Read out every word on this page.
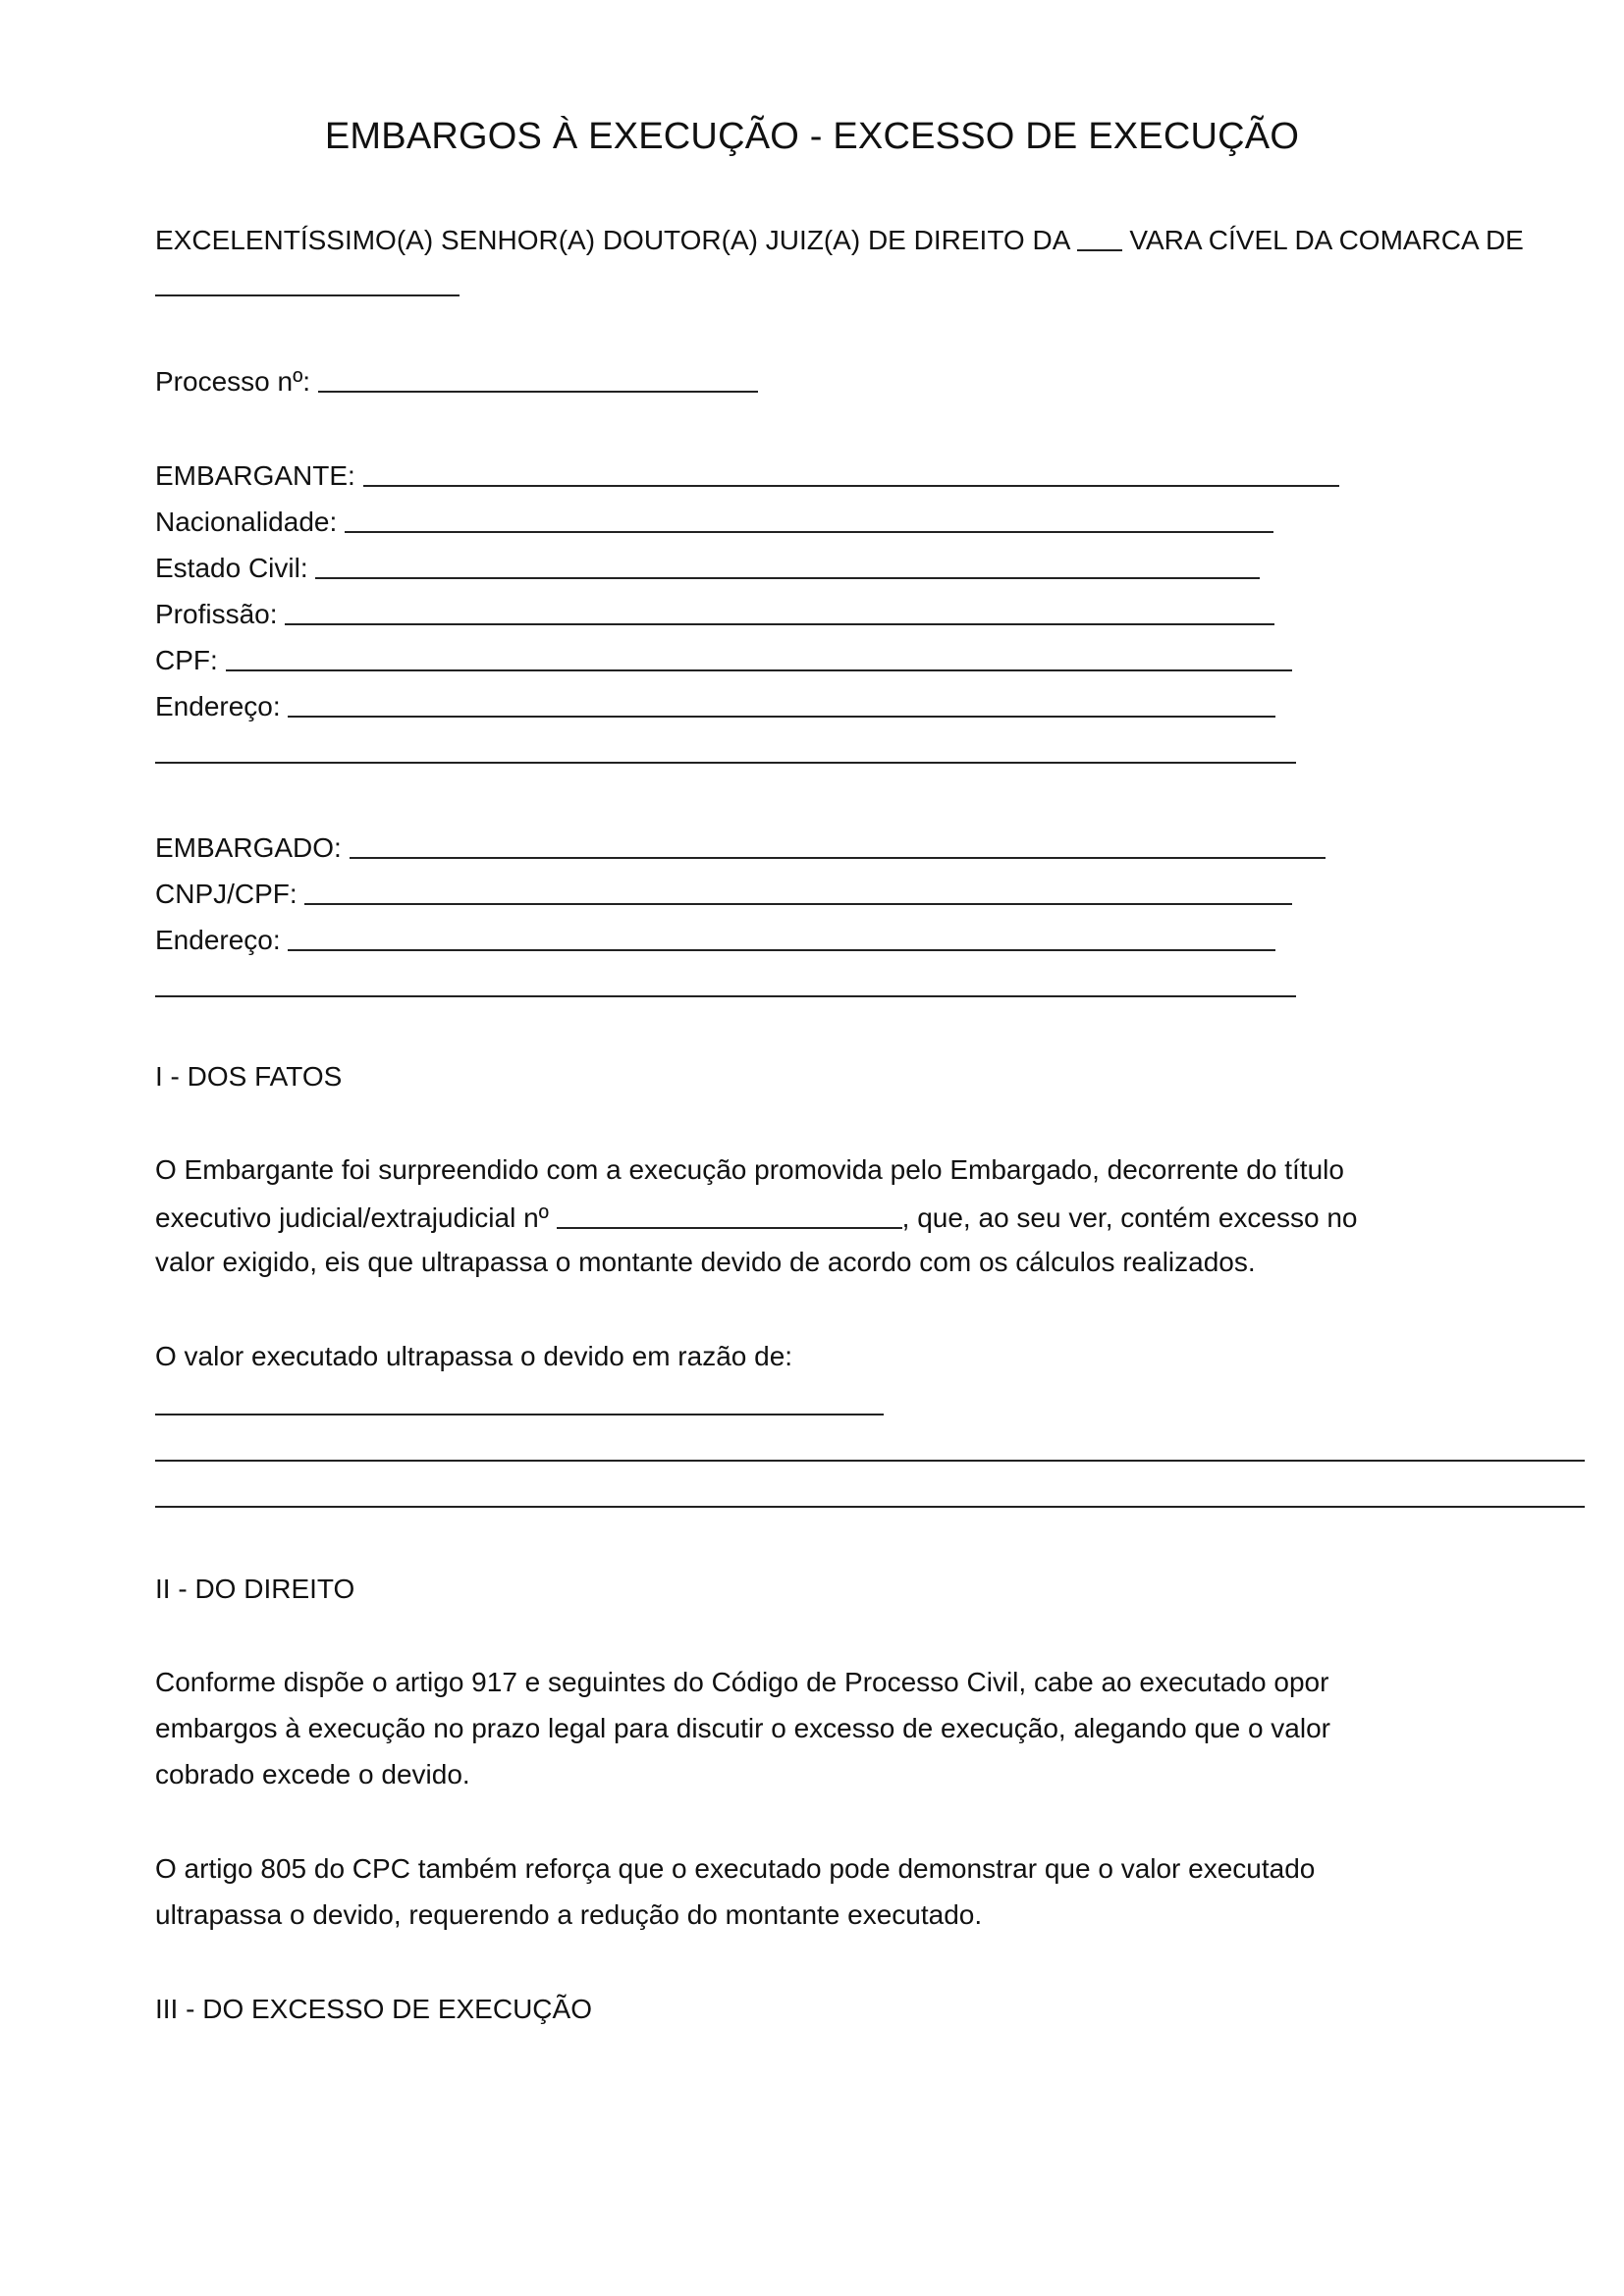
EMBARGOS À EXECUÇÃO - EXCESSO DE EXECUÇÃO
EXCELENTÍSSIMO(A) SENHOR(A) DOUTOR(A) JUIZ(A) DE DIREITO DA VARA CÍVEL DA COMARCA DE
Processo nº:
EMBARGANTE:
Nacionalidade:
Estado Civil:
Profissão:
CPF:
Endereço:
EMBARGADO:
CNPJ/CPF:
Endereço:
I - DOS FATOS
O Embargante foi surpreendido com a execução promovida pelo Embargado, decorrente do título
executivo judicial/extrajudicial nº	, que, ao seu ver, contém excesso no
valor exigido, eis que ultrapassa o montante devido de acordo com os cálculos realizados.
O valor executado ultrapassa o devido em razão de:
II - DO DIREITO
Conforme dispõe o artigo 917 e seguintes do Código de Processo Civil, cabe ao executado opor
embargos à execução no prazo legal para discutir o excesso de execução, alegando que o valor
cobrado excede o devido.
O artigo 805 do CPC também reforça que o executado pode demonstrar que o valor executado
ultrapassa o devido, requerendo a redução do montante executado.
III - DO EXCESSO DE EXECUÇÃO
